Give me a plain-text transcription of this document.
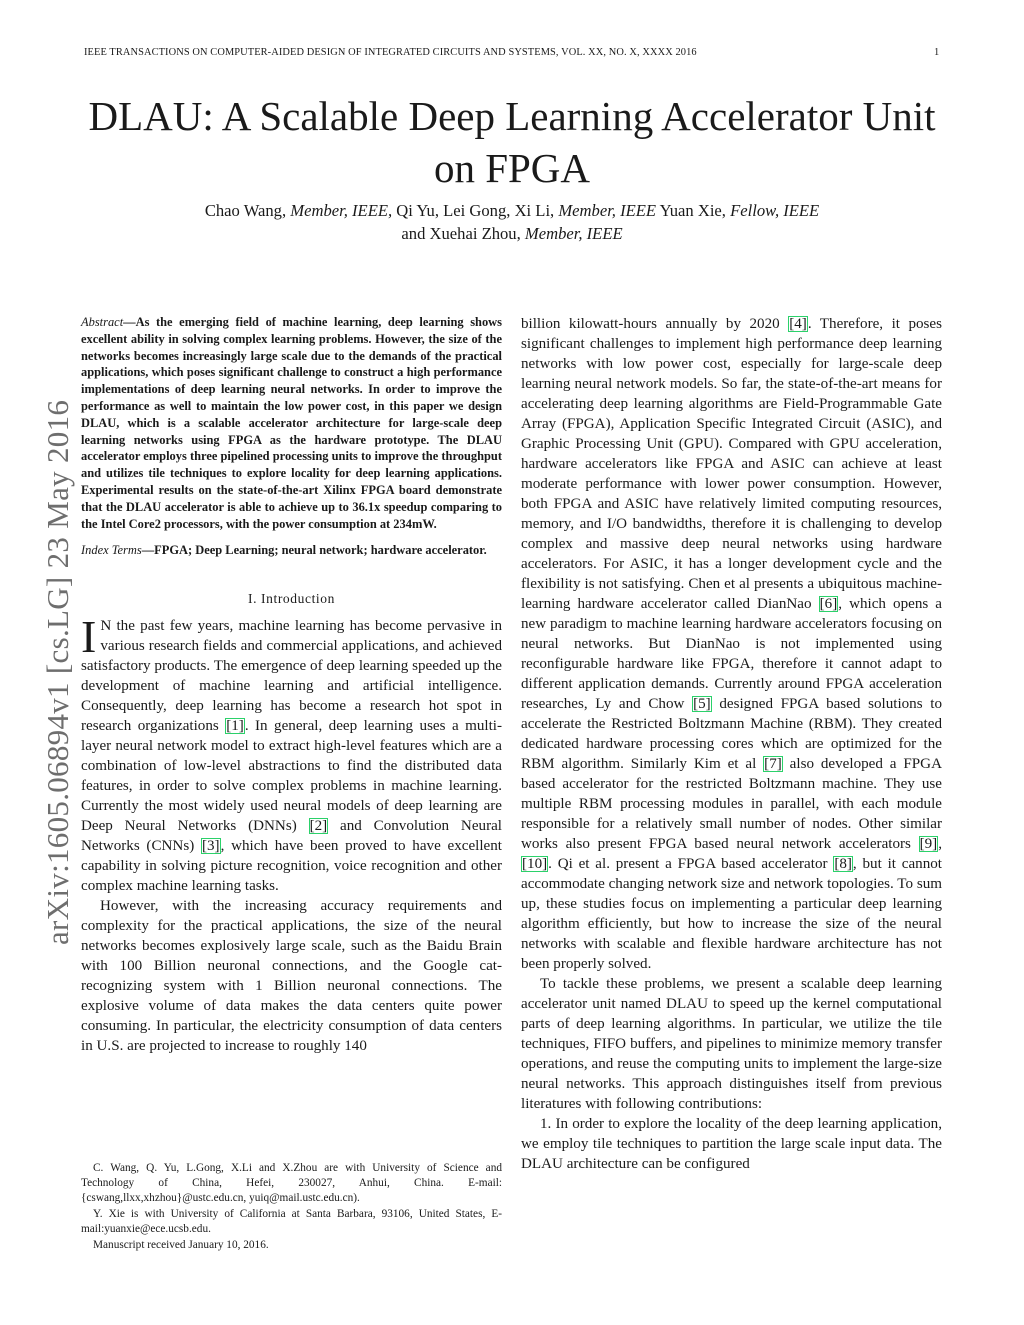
IEEE TRANSACTIONS ON COMPUTER-AIDED DESIGN OF INTEGRATED CIRCUITS AND SYSTEMS, VOL. XX, NO. X, XXXX 2016	1
arXiv:1605.06894v1 [cs.LG] 23 May 2016
DLAU: A Scalable Deep Learning Accelerator Unit
on FPGA
Chao Wang, Member, IEEE, Qi Yu, Lei Gong, Xi Li, Member, IEEE Yuan Xie, Fellow, IEEE
and Xuehai Zhou, Member, IEEE

Abstract—As the emerging field of machine learning, deep learning shows excellent ability in solving complex learning problems. However, the size of the networks becomes increasingly large scale due to the demands of the practical applications, which poses significant challenge to construct a high performance implementations of deep learning neural networks. In order to improve the performance as well to maintain the low power cost, in this paper we design DLAU, which is a scalable accelerator architecture for large-scale deep learning networks using FPGA as the hardware prototype. The DLAU accelerator employs three pipelined processing units to improve the throughput and utilizes tile techniques to explore locality for deep learning applications. Experimental results on the state-of-the-art Xilinx FPGA board demonstrate that the DLAU accelerator is able to achieve up to 36.1x speedup comparing to the Intel Core2 processors, with the power consumption at 234mW.

Index Terms—FPGA; Deep Learning; neural network; hardware accelerator.

I. Introduction

I N the past few years, machine learning has become pervasive in various research fields and commercial applications, and achieved satisfactory products. The emergence of deep learning speeded up the development of machine learning and artificial intelligence. Consequently, deep learning has become a research hot spot in research organizations [1]. In general, deep learning uses a multi-layer neural network model to extract high-level features which are a combination of low-level abstractions to find the distributed data features, in order to solve complex problems in machine learning. Currently the most widely used neural models of deep learning are Deep Neural Networks (DNNs) [2] and Convolution Neural Networks (CNNs) [3], which have been proved to have excellent capability in solving picture recognition, voice recognition and other complex machine learning tasks.

However, with the increasing accuracy requirements and complexity for the practical applications, the size of the neural networks becomes explosively large scale, such as the Baidu Brain with 100 Billion neuronal connections, and the Google cat-recognizing system with 1 Billion neuronal connections. The explosive volume of data makes the data centers quite power consuming. In particular, the electricity consumption of data centers in U.S. are projected to increase to roughly 140

C. Wang, Q. Yu, L.Gong, X.Li and X.Zhou are with University of Science and Technology of China, Hefei, 230027, Anhui, China. E-mail: {cswang,llxx,xhzhou}@ustc.edu.cn, yuiq@mail.ustc.edu.cn).

Y. Xie is with University of California at Santa Barbara, 93106, United States, E-mail:yuanxie@ece.ucsb.edu.

Manuscript received January 10, 2016.

billion kilowatt-hours annually by 2020 [4]. Therefore, it poses significant challenges to implement high performance deep learning networks with low power cost, especially for large-scale deep learning neural network models. So far, the state-of-the-art means for accelerating deep learning algorithms are Field-Programmable Gate Array (FPGA), Application Specific Integrated Circuit (ASIC), and Graphic Processing Unit (GPU). Compared with GPU acceleration, hardware accelerators like FPGA and ASIC can achieve at least moderate performance with lower power consumption. However, both FPGA and ASIC have relatively limited computing resources, memory, and I/O bandwidths, therefore it is challenging to develop complex and massive deep neural networks using hardware accelerators. For ASIC, it has a longer development cycle and the flexibility is not satisfying. Chen et al presents a ubiquitous machine-learning hardware accelerator called DianNao [6], which opens a new paradigm to machine learning hardware accelerators focusing on neural networks. But DianNao is not implemented using reconfigurable hardware like FPGA, therefore it cannot adapt to different application demands. Currently around FPGA acceleration researches, Ly and Chow [5] designed FPGA based solutions to accelerate the Restricted Boltzmann Machine (RBM). They created dedicated hardware processing cores which are optimized for the RBM algorithm. Similarly Kim et al [7] also developed a FPGA based accelerator for the restricted Boltzmann machine. They use multiple RBM processing modules in parallel, with each module responsible for a relatively small number of nodes. Other similar works also present FPGA based neural network accelerators [9], [10]. Qi et al. present a FPGA based accelerator [8], but it cannot accommodate changing network size and network topologies. To sum up, these studies focus on implementing a particular deep learning algorithm efficiently, but how to increase the size of the neural networks with scalable and flexible hardware architecture has not been properly solved.

To tackle these problems, we present a scalable deep learning accelerator unit named DLAU to speed up the kernel computational parts of deep learning algorithms. In particular, we utilize the tile techniques, FIFO buffers, and pipelines to minimize memory transfer operations, and reuse the computing units to implement the large-size neural networks. This approach distinguishes itself from previous literatures with following contributions:

1. In order to explore the locality of the deep learning application, we employ tile techniques to partition the large scale input data. The DLAU architecture can be configured
